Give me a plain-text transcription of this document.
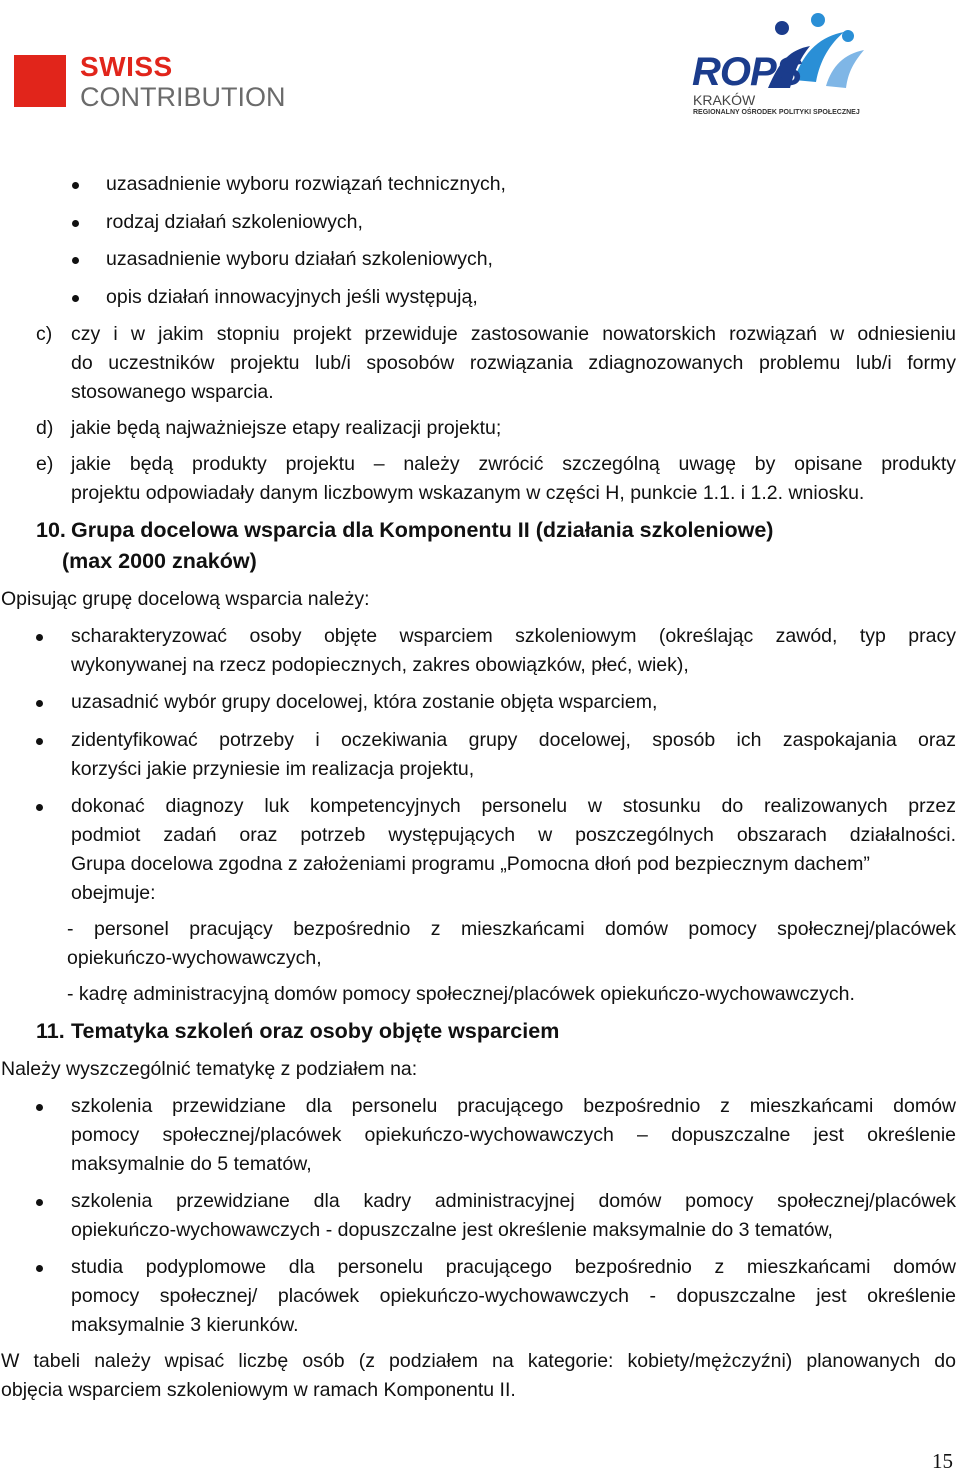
SWISS
CONTRIBUTION
ROPS
KRAKÓW
REGIONALNY OŚRODEK POLITYKI SPOŁECZNEJ
uzasadnienie wyboru rozwiązań technicznych,
rodzaj działań szkoleniowych,
uzasadnienie wyboru działań szkoleniowych,
opis działań innowacyjnych jeśli występują,
c) czy i w jakim stopniu projekt przewiduje zastosowanie nowatorskich rozwiązań w odniesieniu
do uczestników projektu lub/i sposobów rozwiązania zdiagnozowanych problemu lub/i formy
stosowanego wsparcia.
d) jakie będą najważniejsze etapy realizacji projektu;
e) jakie będą produkty projektu – należy zwrócić szczególną uwagę by opisane produkty
projektu odpowiadały danym liczbowym wskazanym w części H, punkcie 1.1. i 1.2. wniosku.
10. Grupa docelowa wsparcia dla Komponentu II (działania szkoleniowe)
(max 2000 znaków)
Opisując grupę docelową wsparcia należy:
scharakteryzować osoby objęte wsparciem szkoleniowym (określając zawód, typ pracy
wykonywanej na rzecz podopiecznych, zakres obowiązków, płeć, wiek),
uzasadnić wybór grupy docelowej, która zostanie objęta wsparciem,
zidentyfikować potrzeby i oczekiwania grupy docelowej, sposób ich zaspokajania oraz
korzyści jakie przyniesie im realizacja projektu,
dokonać diagnozy luk kompetencyjnych personelu w stosunku do realizowanych przez
podmiot zadań oraz potrzeb występujących w poszczególnych obszarach działalności.
Grupa docelowa zgodna z założeniami programu „Pomocna dłoń pod bezpiecznym dachem”
obejmuje:
- personel pracujący bezpośrednio z mieszkańcami domów pomocy społecznej/placówek
opiekuńczo-wychowawczych,
- kadrę administracyjną domów pomocy społecznej/placówek opiekuńczo-wychowawczych.
11. Tematyka szkoleń oraz osoby objęte wsparciem
Należy wyszczególnić tematykę z podziałem na:
szkolenia przewidziane dla personelu pracującego bezpośrednio z mieszkańcami domów
pomocy społecznej/placówek opiekuńczo-wychowawczych – dopuszczalne jest określenie
maksymalnie do 5 tematów,
szkolenia przewidziane dla kadry administracyjnej domów pomocy społecznej/placówek
opiekuńczo-wychowawczych - dopuszczalne jest określenie maksymalnie do 3 tematów,
studia podyplomowe dla personelu pracującego bezpośrednio z mieszkańcami domów
pomocy społecznej/ placówek opiekuńczo-wychowawczych - dopuszczalne jest określenie
maksymalnie 3 kierunków.
W tabeli należy wpisać liczbę osób (z podziałem na kategorie: kobiety/mężczyźni) planowanych do
objęcia wsparciem szkoleniowym w ramach Komponentu II.
15
